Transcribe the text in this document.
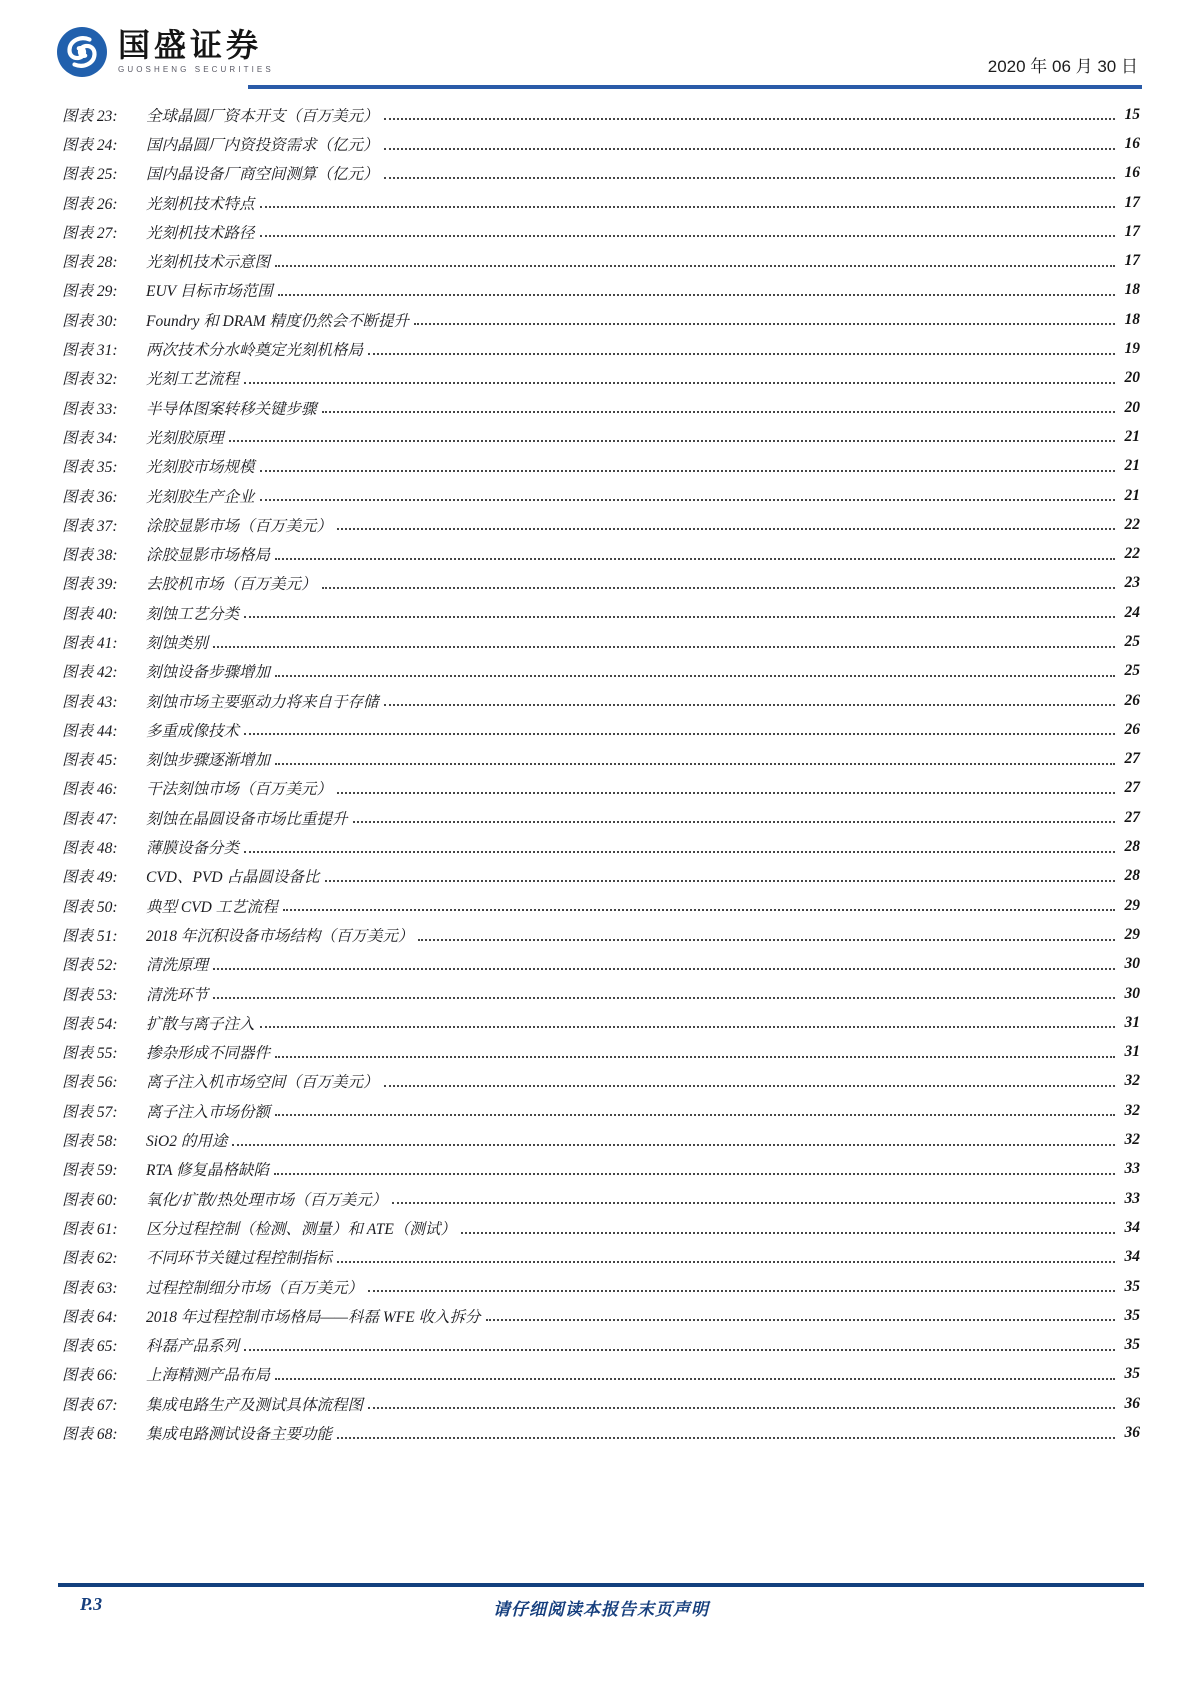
国盛证券
GUOSHENG SECURITIES	2020 年 06 月 30 日
图表 23:	全球晶圆厂资本开支（百万美元）	15
图表 24:	国内晶圆厂内资投资需求（亿元）	16
图表 25:	国内晶设备厂商空间测算（亿元）	16
图表 26:	光刻机技术特点	17
图表 27:	光刻机技术路径	17
图表 28:	光刻机技术示意图	17
图表 29:	EUV 目标市场范围	18
图表 30:	Foundry 和 DRAM 精度仍然会不断提升	18
图表 31:	两次技术分水岭奠定光刻机格局	19
图表 32:	光刻工艺流程	20
图表 33:	半导体图案转移关键步骤	20
图表 34:	光刻胶原理	21
图表 35:	光刻胶市场规模	21
图表 36:	光刻胶生产企业	21
图表 37:	涂胶显影市场（百万美元）	22
图表 38:	涂胶显影市场格局	22
图表 39:	去胶机市场（百万美元）	23
图表 40:	刻蚀工艺分类	24
图表 41:	刻蚀类别	25
图表 42:	刻蚀设备步骤增加	25
图表 43:	刻蚀市场主要驱动力将来自于存储	26
图表 44:	多重成像技术	26
图表 45:	刻蚀步骤逐渐增加	27
图表 46:	干法刻蚀市场（百万美元）	27
图表 47:	刻蚀在晶圆设备市场比重提升	27
图表 48:	薄膜设备分类	28
图表 49:	CVD、PVD 占晶圆设备比	28
图表 50:	典型 CVD 工艺流程	29
图表 51:	2018 年沉积设备市场结构（百万美元）	29
图表 52:	清洗原理	30
图表 53:	清洗环节	30
图表 54:	扩散与离子注入	31
图表 55:	掺杂形成不同器件	31
图表 56:	离子注入机市场空间（百万美元）	32
图表 57:	离子注入市场份额	32
图表 58:	SiO2 的用途	32
图表 59:	RTA 修复晶格缺陷	33
图表 60:	氧化/扩散/热处理市场（百万美元）	33
图表 61:	区分过程控制（检测、测量）和 ATE（测试）	34
图表 62:	不同环节关键过程控制指标	34
图表 63:	过程控制细分市场（百万美元）	35
图表 64:	2018 年过程控制市场格局——科磊 WFE 收入拆分	35
图表 65:	科磊产品系列	35
图表 66:	上海精测产品布局	35
图表 67:	集成电路生产及测试具体流程图	36
图表 68:	集成电路测试设备主要功能	36
P.3	请仔细阅读本报告末页声明
